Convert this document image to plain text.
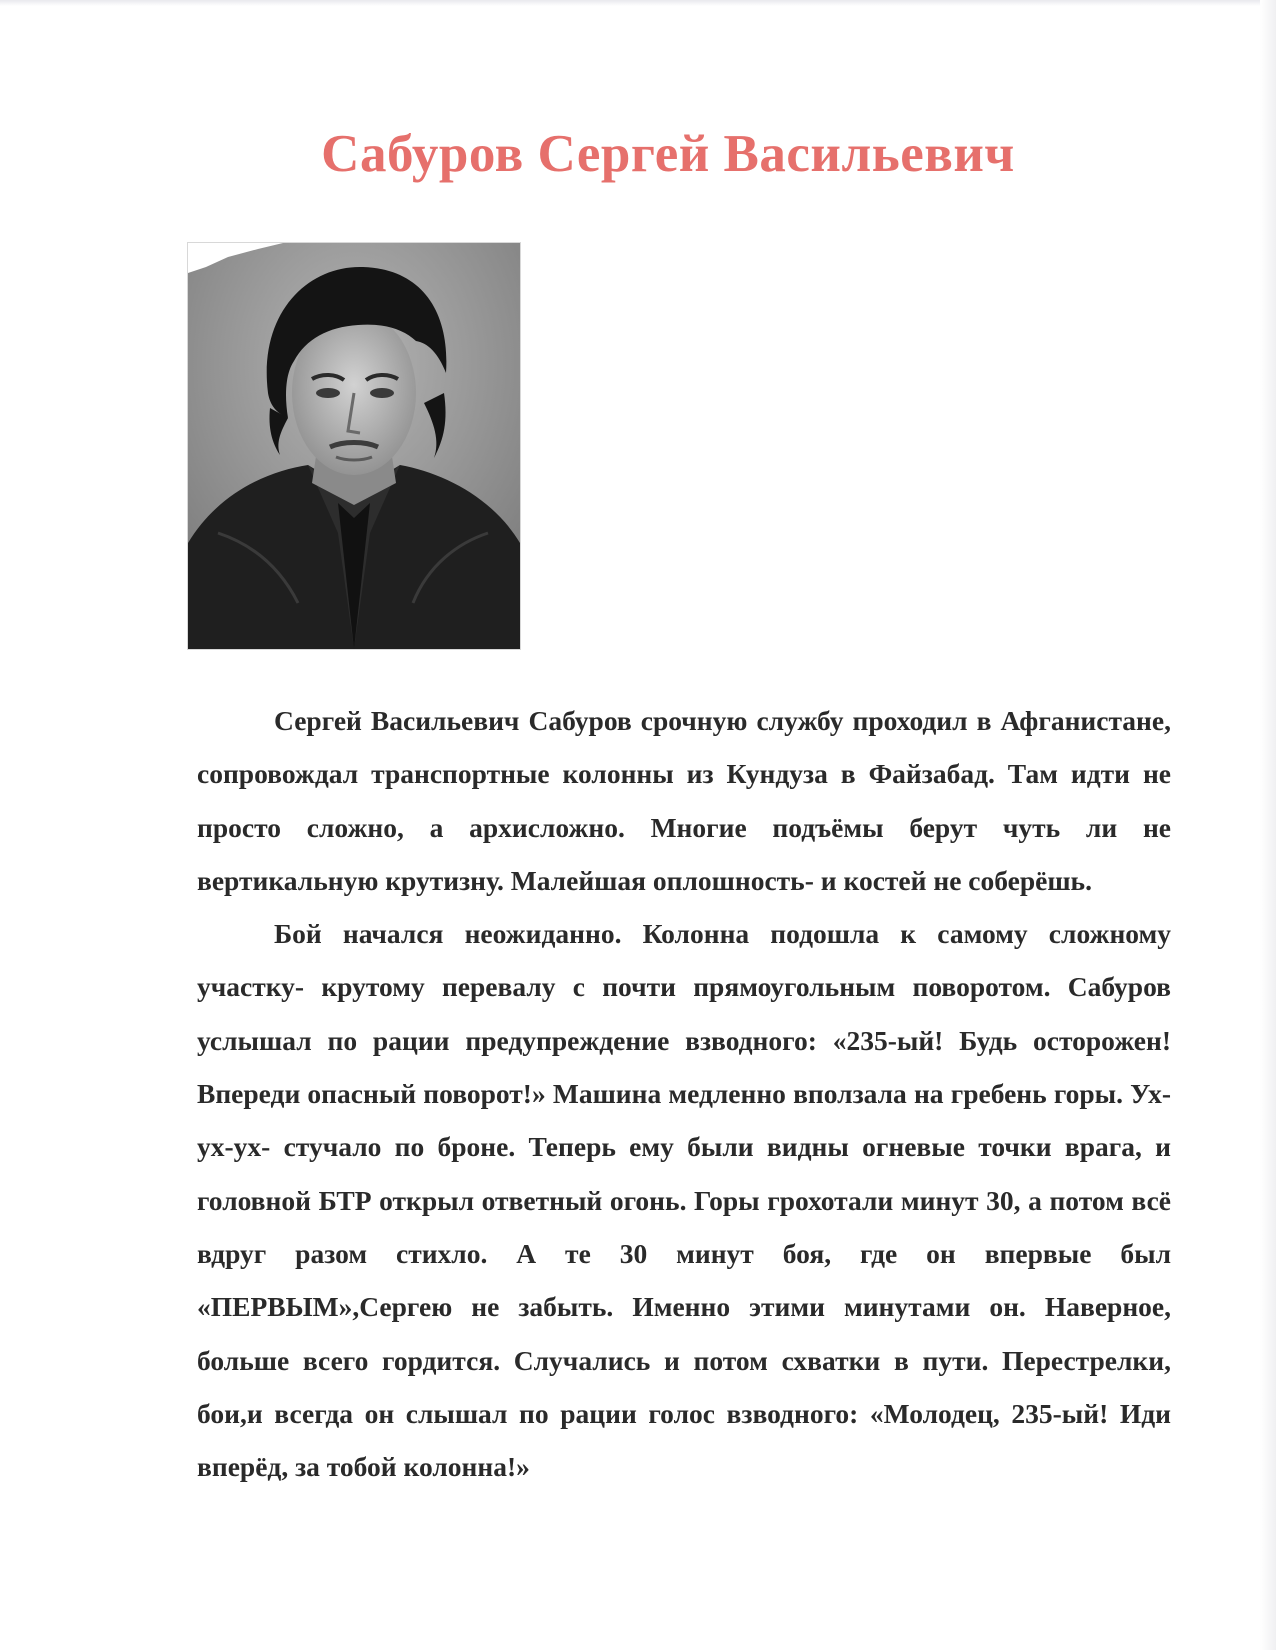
Сабуров Сергей Васильевич

Сергей Васильевич Сабуров срочную службу проходил в Афганистане, сопровождал транспортные колонны из Кундуза в Файзабад. Там идти не просто сложно, а архисложно. Многие подъёмы берут чуть ли не вертикальную крутизну. Малейшая оплошность- и костей не соберёшь.

Бой начался неожиданно. Колонна подошла к самому сложному участку- крутому перевалу с почти прямоугольным поворотом. Сабуров услышал по рации предупреждение взводного: «235-ый! Будь осторожен! Впереди опасный поворот!» Машина медленно вползала на гребень горы. Ух-ух-ух- стучало по броне. Теперь ему были видны огневые точки врага, и головной БТР открыл ответный огонь. Горы грохотали минут 30, а потом всё вдруг разом стихло. А те 30 минут боя, где он впервые был «ПЕРВЫМ»,Сергею не забыть. Именно этими минутами он. Наверное, больше всего гордится. Случались и потом схватки в пути. Перестрелки, бои,и всегда он слышал по рации голос взводного: «Молодец, 235-ый! Иди вперёд, за тобой колонна!»
